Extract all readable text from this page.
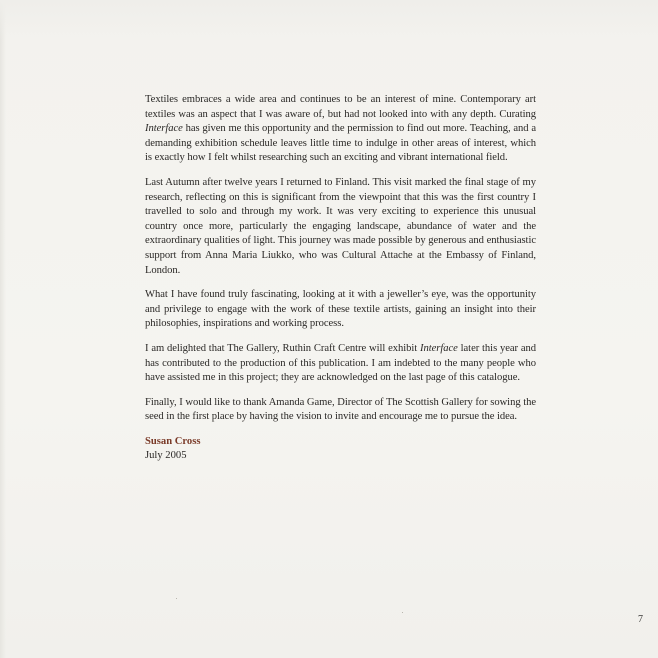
Textiles embraces a wide area and continues to be an interest of mine. Contemporary art textiles was an aspect that I was aware of, but had not looked into with any depth. Curating Interface has given me this opportunity and the permission to find out more. Teaching, and a demanding exhibition schedule leaves little time to indulge in other areas of interest, which is exactly how I felt whilst researching such an exciting and vibrant international field.

Last Autumn after twelve years I returned to Finland. This visit marked the final stage of my research, reflecting on this is significant from the viewpoint that this was the first country I travelled to solo and through my work. It was very exciting to experience this unusual country once more, particularly the engaging landscape, abundance of water and the extraordinary qualities of light. This journey was made possible by generous and enthusiastic support from Anna Maria Liukko, who was Cultural Attache at the Embassy of Finland, London.

What I have found truly fascinating, looking at it with a jeweller’s eye, was the opportunity and privilege to engage with the work of these textile artists, gaining an insight into their philosophies, inspirations and working process.

I am delighted that The Gallery, Ruthin Craft Centre will exhibit Interface later this year and has contributed to the production of this publication. I am indebted to the many people who have assisted me in this project; they are acknowledged on the last page of this catalogue.

Finally, I would like to thank Amanda Game, Director of The Scottish Gallery for sowing the seed in the first place by having the vision to invite and encourage me to pursue the idea.

Susan Cross
July 2005
7
